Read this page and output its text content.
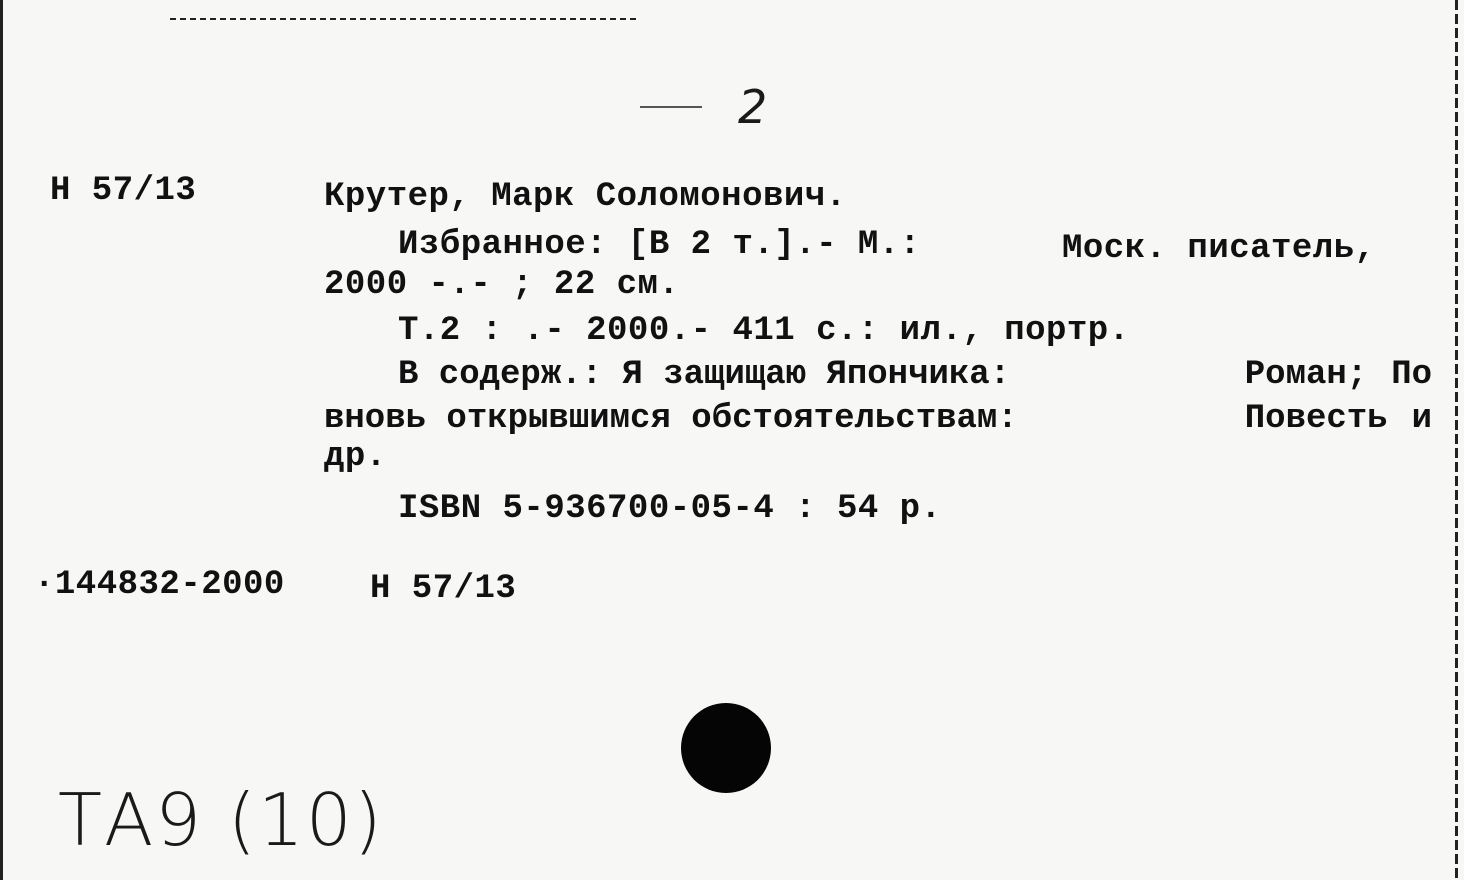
2
Н 57/13	Крутер, Марк Соломонович.
Избранное: [В 2 т.].- М.:	Моск. писатель,
2000 -.- ; 22 см.
Т.2 : .- 2000.- 411 с.: ил., портр.
В содерж.: Я защищаю Япончика:	Роман; По
вновь открывшимся обстоятельствам:	Повесть и
др.
ISBN 5-936700-05-4 : 54 р.
·144832-2000	Н 57/13
ТА9 (10)
